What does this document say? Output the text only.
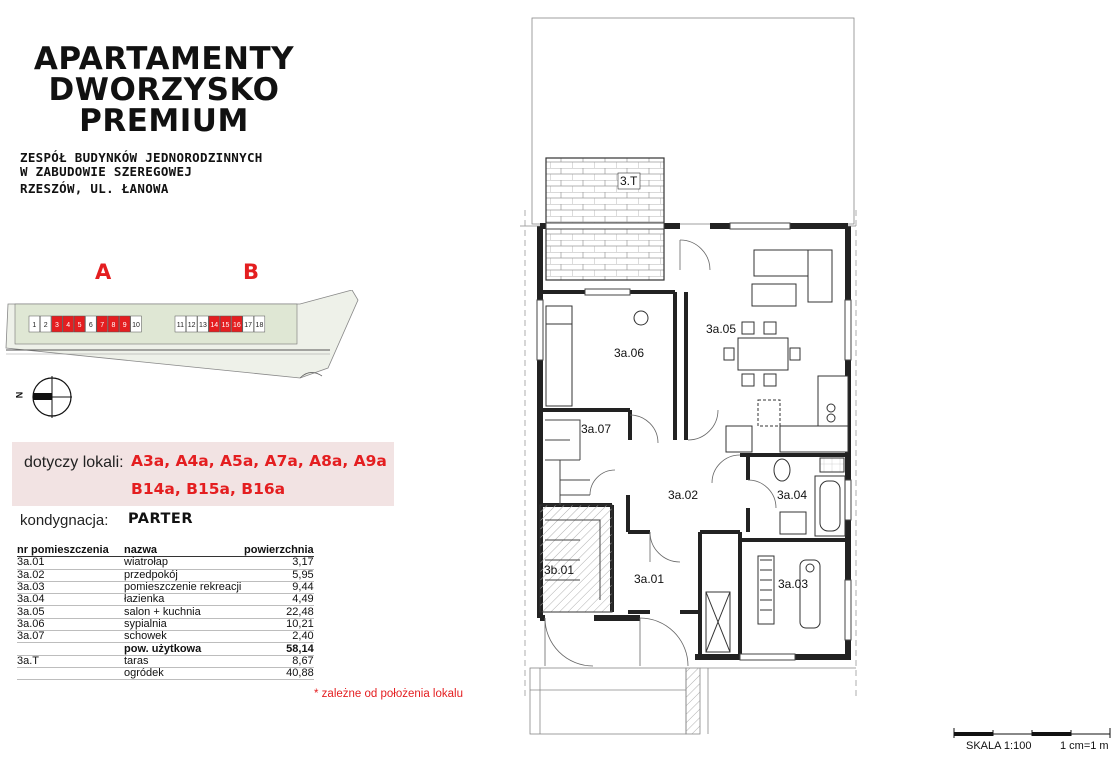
APARTAMENTY
DWORZYSKO
PREMIUM
ZESPÓŁ BUDYNKÓW JEDNORODZINNYCH
W ZABUDOWIE SZEREGOWEJ
RZESZÓW, UL. ŁANOWA
A	B
1 2 3 4 5 6 7 8 9 10	11 12 13 14 15 16 17 18
N
dotyczy lokali: A3a, A4a, A5a, A7a, A8a, A9a
B14a, B15a, B16a
kondygnacja: PARTER
nr pomieszczenia	nazwa	powierzchnia
3a.01	wiatrołap	3,17
3a.02	przedpokój	5,95
3a.03	pomieszczenie rekreacji	9,44
3a.04	łazienka	4,49
3a.05	salon + kuchnia	22,48
3a.06	sypialnia	10,21
3a.07	schowek	2,40
	pow. użytkowa	58,14
3a.T	taras	8,67
	ogródek	40,88
* zależne od położenia lokalu
3.T
3a.05
3a.06
3a.07
3a.02	3a.04
3b.01
3a.01	3a.03
SKALA 1:100	1 cm=1 m
